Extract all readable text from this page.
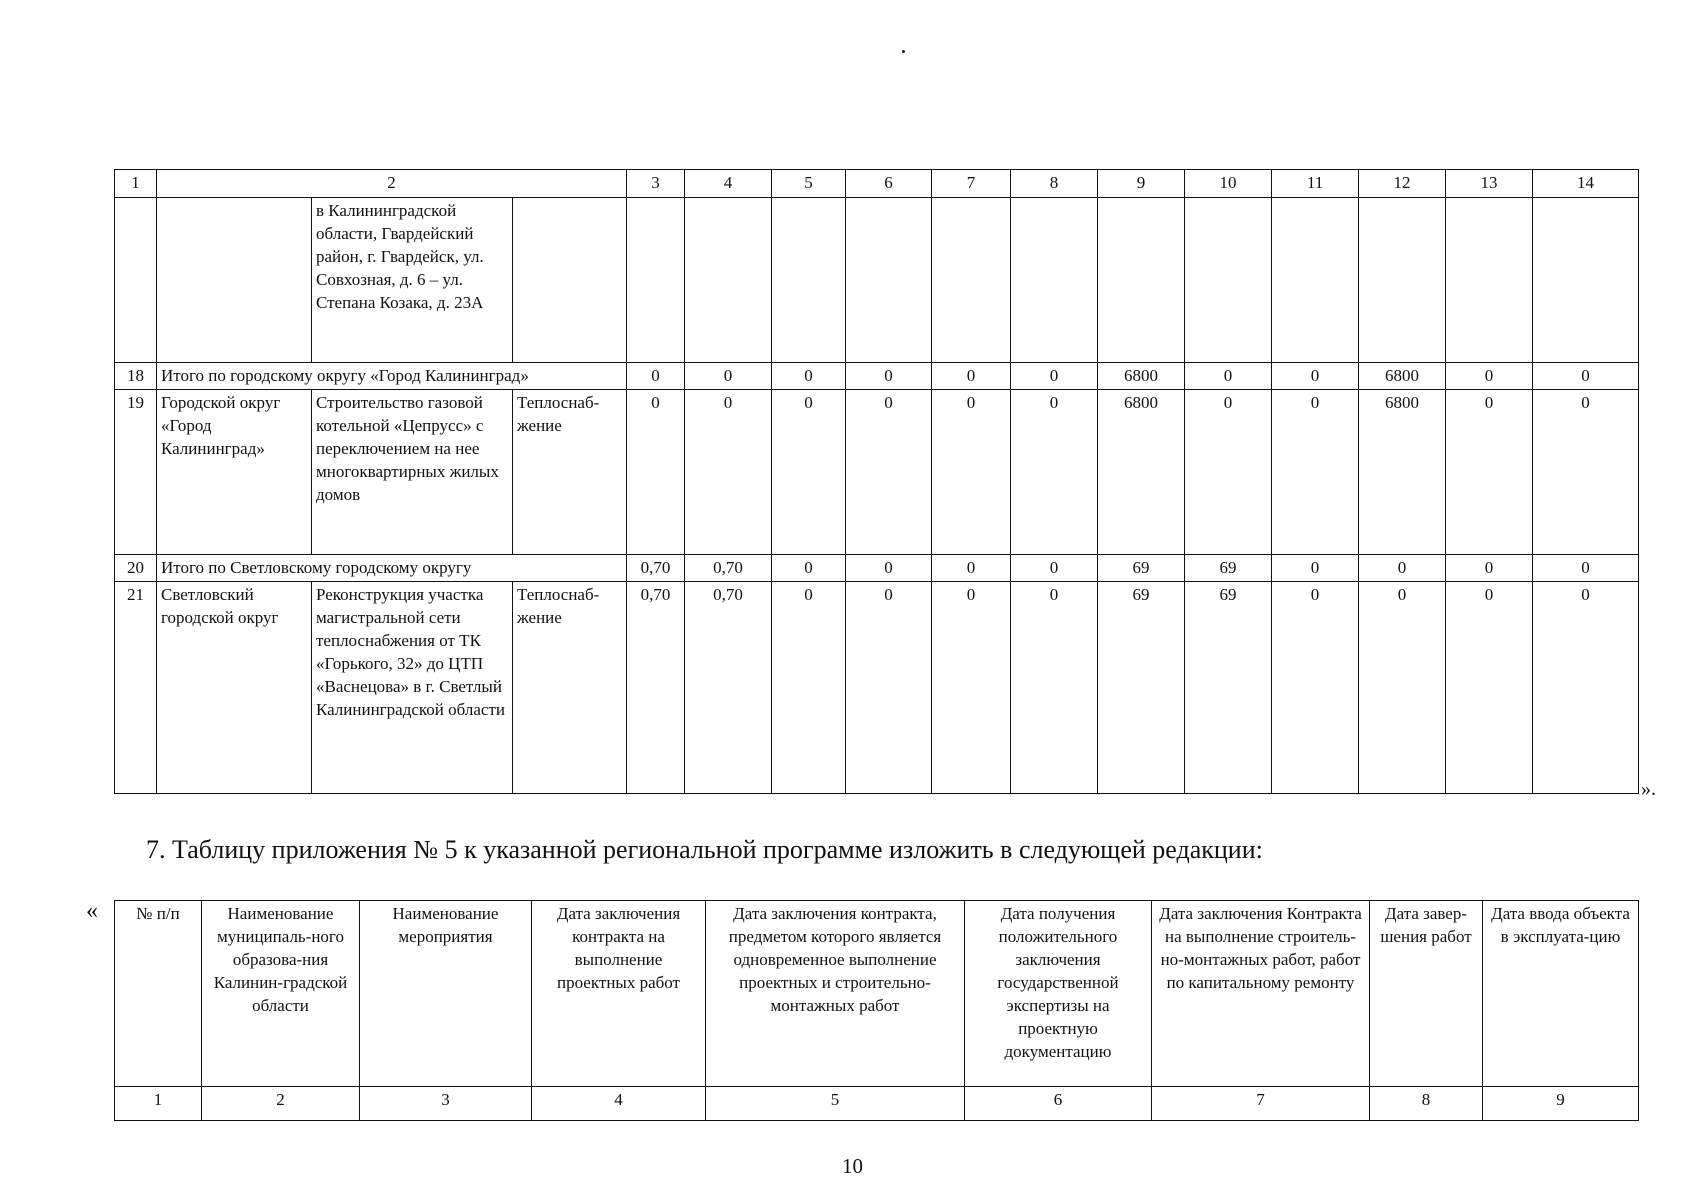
1	2			3	4	5	6	7	8	9	10	11	12	13	14
		в Калининградской области, Гвардейский район, г. Гвардейск, ул. Совхозная, д. 6 – ул. Степана Козака, д. 23А													
18	Итого по городскому округу «Город Калининград»			0	0	0	0	0	0	6800	0	0	6800	0	0
19	Городской округ «Город Калининград»	Строительство газовой котельной «Цепрусс» с переключением на нее многоквартирных жилых домов	Теплоснаб-жение	0	0	0	0	0	0	6800	0	0	6800	0	0
20	Итого по Светловскому городскому округу			0,70	0,70	0	0	0	0	69	69	0	0	0	0
21	Светловский городской округ	Реконструкция участка магистральной сети теплоснабжения от ТК «Горького, 32» до ЦТП «Васнецова» в г. Светлый Калининградской области	Теплоснаб-жение	0,70	0,70	0	0	0	0	69	69	0	0	0	0
».
7. Таблицу приложения № 5 к указанной региональной программе изложить в следующей редакции:
« № п/п	Наименование муниципаль-ного образова-ния Калинин-градской области	Наименование мероприятия	Дата заключения контракта на выполнение проектных работ	Дата заключения контракта, предметом которого является одновременное выполнение проектных и строительно-монтажных работ	Дата получения положительного заключения государственной экспертизы на проектную документацию	Дата заключения Контракта на выполнение строитель-но-монтажных работ, работ по капитальному ремонту	Дата завер-шения работ	Дата ввода объекта в эксплуата-цию
1	2	3	4	5	6	7	8	9
10
